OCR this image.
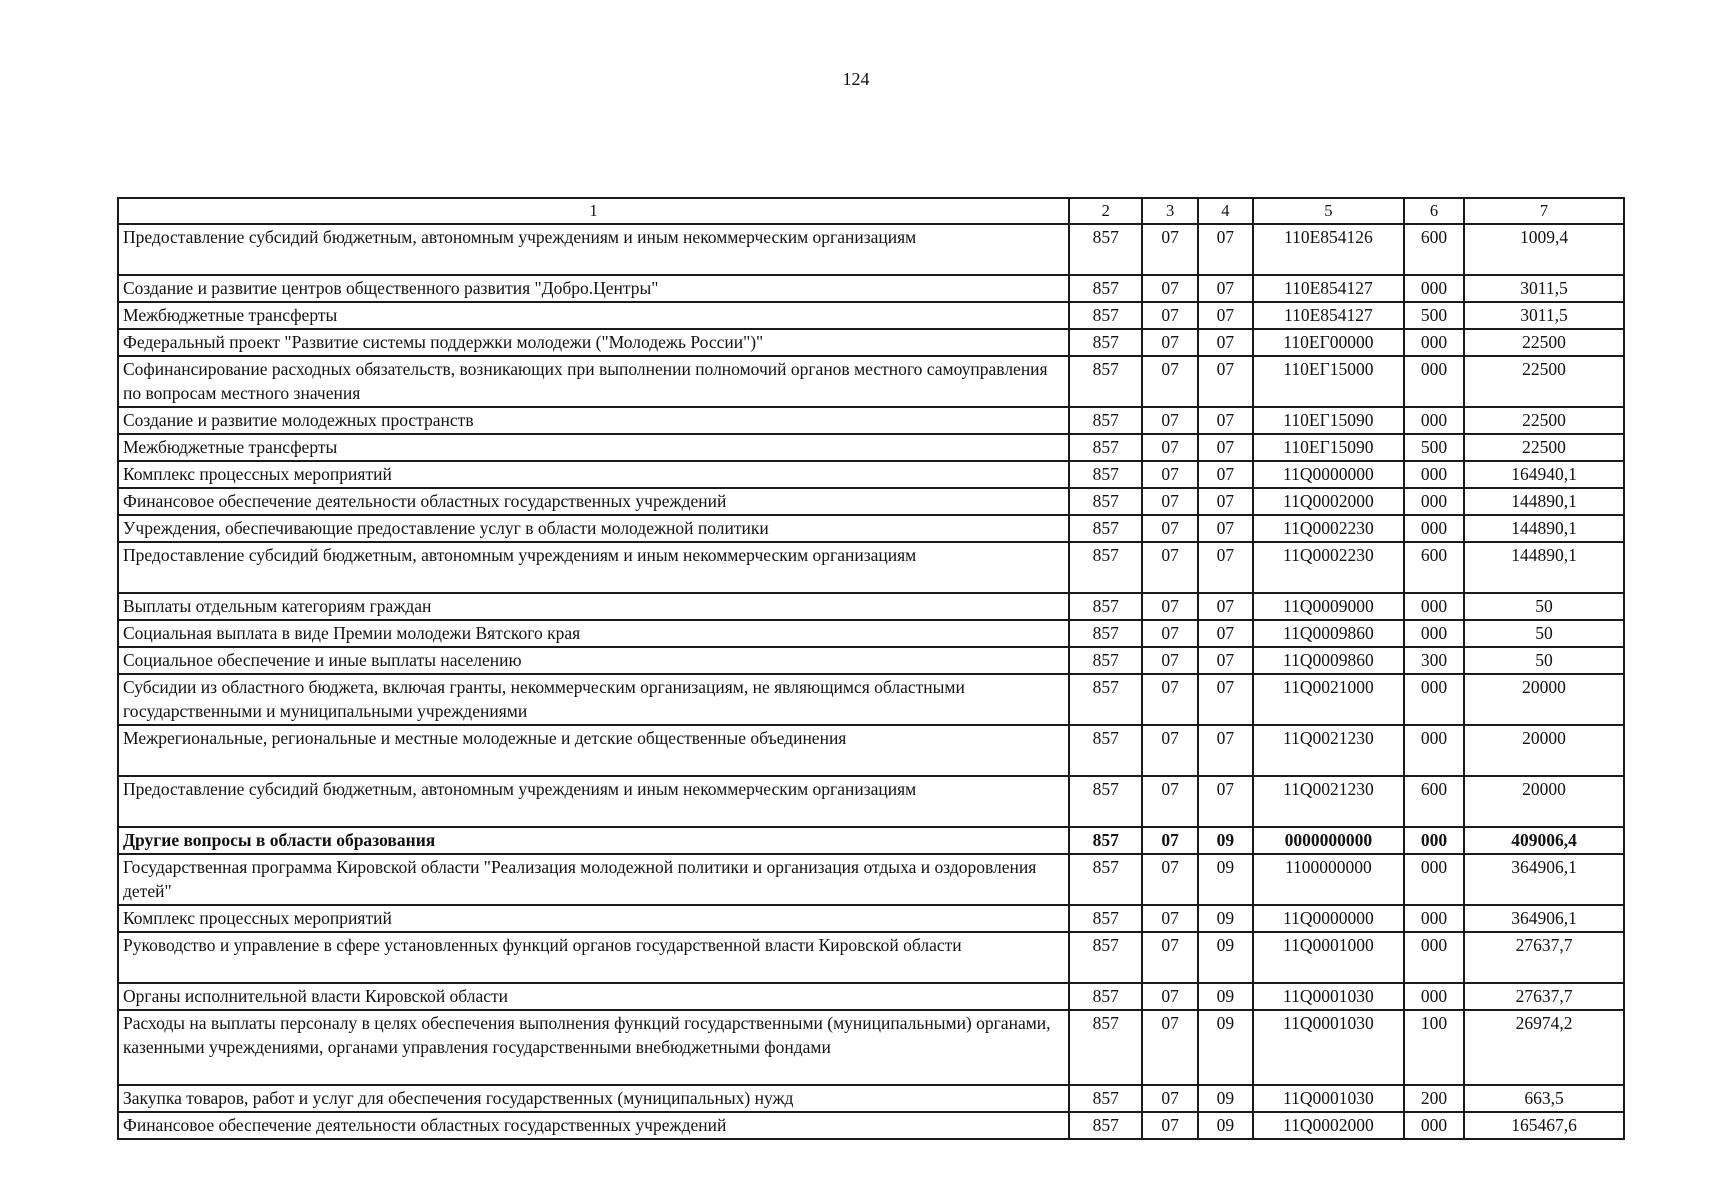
124
1	2	3	4	5	6	7
Предоставление субсидий бюджетным, автономным учреждениям и иным некоммерческим организациям	857	07	07	110Е854126	600	1009,4
Создание и развитие центров общественного развития "Добро.Центры"	857	07	07	110Е854127	000	3011,5
Межбюджетные трансферты	857	07	07	110Е854127	500	3011,5
Федеральный проект "Развитие системы поддержки молодежи ("Молодежь России")"	857	07	07	110ЕГ00000	000	22500
Софинансирование расходных обязательств, возникающих при выполнении полномочий органов местного самоуправления по вопросам местного значения	857	07	07	110ЕГ15000	000	22500
Создание и развитие молодежных пространств	857	07	07	110ЕГ15090	000	22500
Межбюджетные трансферты	857	07	07	110ЕГ15090	500	22500
Комплекс процессных мероприятий	857	07	07	11Q0000000	000	164940,1
Финансовое обеспечение деятельности областных государственных учреждений	857	07	07	11Q0002000	000	144890,1
Учреждения, обеспечивающие предоставление услуг в области молодежной политики	857	07	07	11Q0002230	000	144890,1
Предоставление субсидий бюджетным, автономным учреждениям и иным некоммерческим организациям	857	07	07	11Q0002230	600	144890,1
Выплаты отдельным категориям граждан	857	07	07	11Q0009000	000	50
Социальная выплата в виде Премии молодежи Вятского края	857	07	07	11Q0009860	000	50
Социальное обеспечение и иные выплаты населению	857	07	07	11Q0009860	300	50
Субсидии из областного бюджета, включая гранты, некоммерческим организациям, не являющимся областными государственными и муниципальными учреждениями	857	07	07	11Q0021000	000	20000
Межрегиональные, региональные и местные молодежные и детские общественные объединения	857	07	07	11Q0021230	000	20000
Предоставление субсидий бюджетным, автономным учреждениям и иным некоммерческим организациям	857	07	07	11Q0021230	600	20000
Другие вопросы в области образования	857	07	09	0000000000	000	409006,4
Государственная программа Кировской области "Реализация молодежной политики и организация отдыха и оздоровления детей"	857	07	09	1100000000	000	364906,1
Комплекс процессных мероприятий	857	07	09	11Q0000000	000	364906,1
Руководство и управление в сфере установленных функций органов государственной власти Кировской области	857	07	09	11Q0001000	000	27637,7
Органы исполнительной власти Кировской области	857	07	09	11Q0001030	000	27637,7
Расходы на выплаты персоналу в целях обеспечения выполнения функций государственными (муниципальными) органами, казенными учреждениями, органами управления государственными внебюджетными фондами	857	07	09	11Q0001030	100	26974,2
Закупка товаров, работ и услуг для обеспечения государственных (муниципальных) нужд	857	07	09	11Q0001030	200	663,5
Финансовое обеспечение деятельности областных государственных учреждений	857	07	09	11Q0002000	000	165467,6
